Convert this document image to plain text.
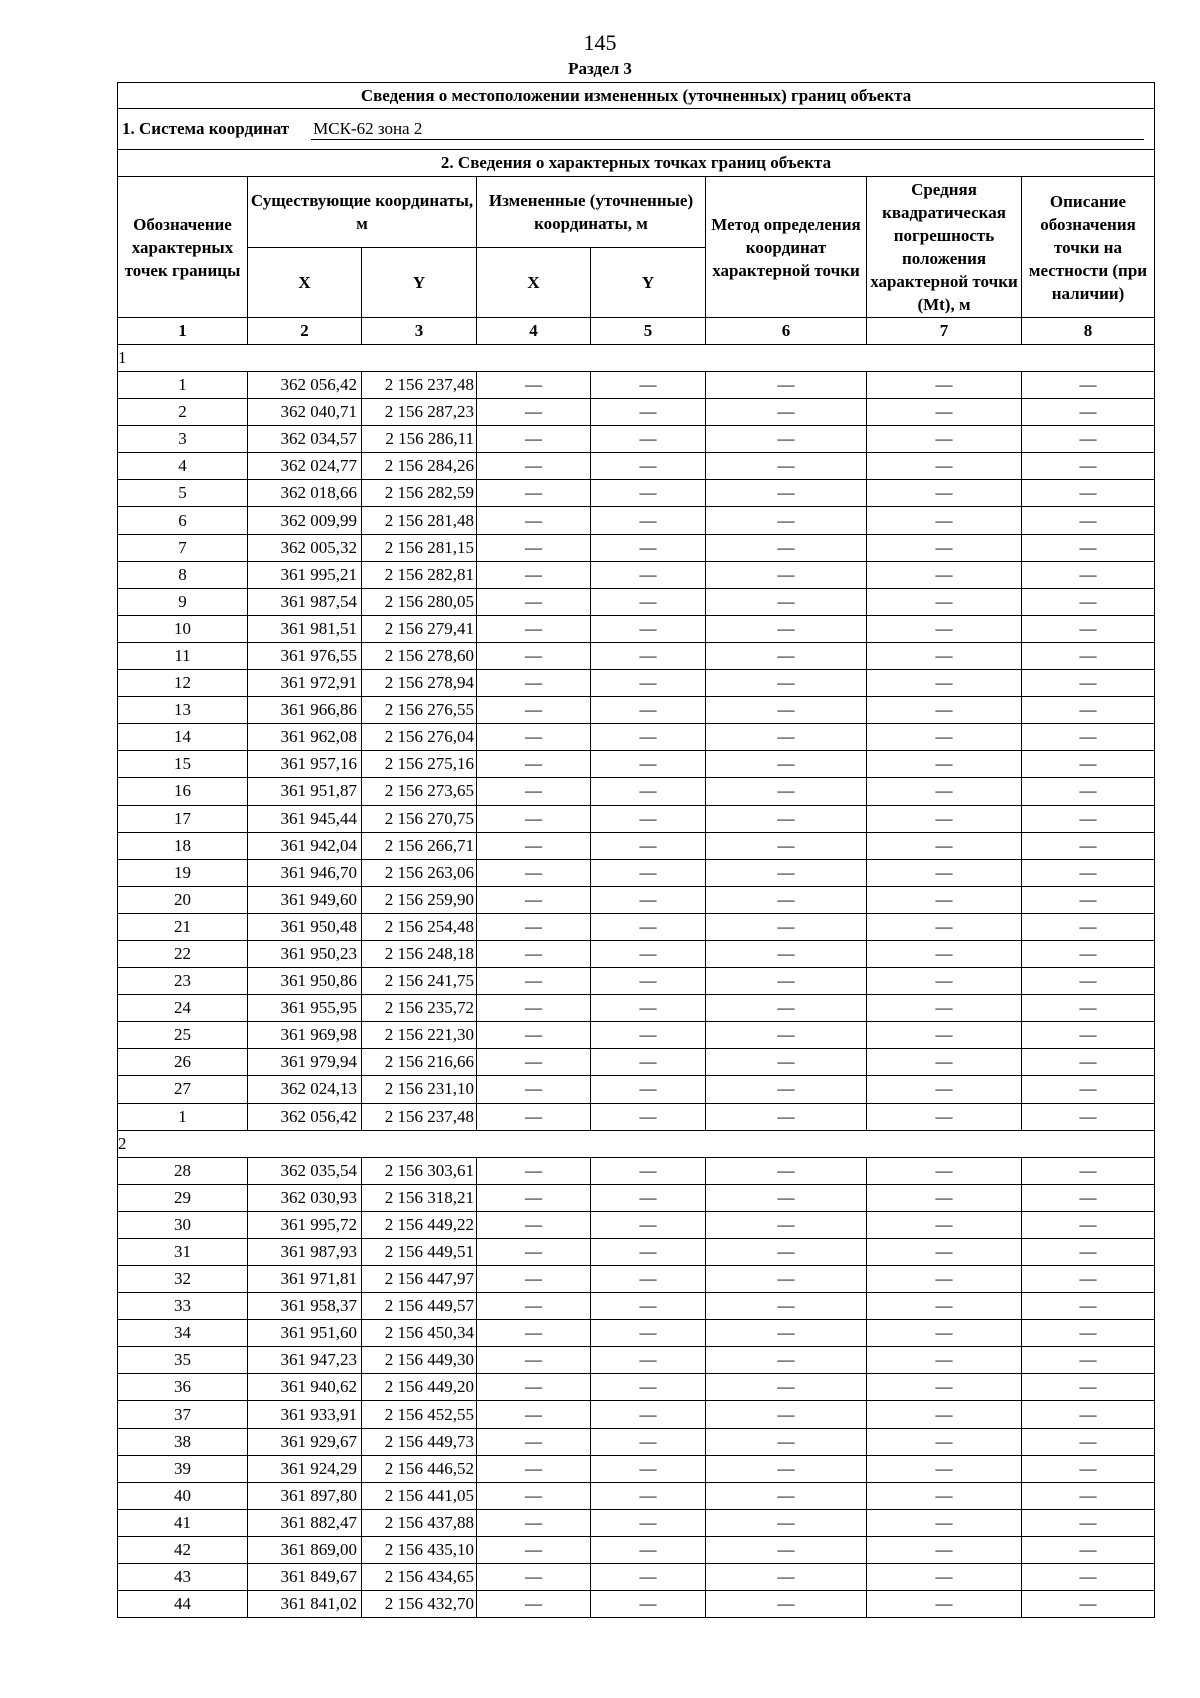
145
Раздел 3
Сведения о местоположении измененных (уточненных) границ объекта							

1. Система координат МСК-62 зона 2							

2. Сведения о характерных точках границ объекта							
Обозначение характерных точек границы	Существующие координаты, м		Измененные (уточненные) координаты, м		Метод определения координат характерной точки	Средняя квадратическая погрешность положения характерной точки (Mt), м	Описание обозначения точки на местности (при наличии)
	X	Y	X	Y			
1	2	3	4	5	6	7	8
1							
1	362 056,42	2 156 237,48	—	—	—	—	—
2	362 040,71	2 156 287,23	—	—	—	—	—
3	362 034,57	2 156 286,11	—	—	—	—	—
4	362 024,77	2 156 284,26	—	—	—	—	—
5	362 018,66	2 156 282,59	—	—	—	—	—
6	362 009,99	2 156 281,48	—	—	—	—	—
7	362 005,32	2 156 281,15	—	—	—	—	—
8	361 995,21	2 156 282,81	—	—	—	—	—
9	361 987,54	2 156 280,05	—	—	—	—	—
10	361 981,51	2 156 279,41	—	—	—	—	—
11	361 976,55	2 156 278,60	—	—	—	—	—
12	361 972,91	2 156 278,94	—	—	—	—	—
13	361 966,86	2 156 276,55	—	—	—	—	—
14	361 962,08	2 156 276,04	—	—	—	—	—
15	361 957,16	2 156 275,16	—	—	—	—	—
16	361 951,87	2 156 273,65	—	—	—	—	—
17	361 945,44	2 156 270,75	—	—	—	—	—
18	361 942,04	2 156 266,71	—	—	—	—	—
19	361 946,70	2 156 263,06	—	—	—	—	—
20	361 949,60	2 156 259,90	—	—	—	—	—
21	361 950,48	2 156 254,48	—	—	—	—	—
22	361 950,23	2 156 248,18	—	—	—	—	—
23	361 950,86	2 156 241,75	—	—	—	—	—
24	361 955,95	2 156 235,72	—	—	—	—	—
25	361 969,98	2 156 221,30	—	—	—	—	—
26	361 979,94	2 156 216,66	—	—	—	—	—
27	362 024,13	2 156 231,10	—	—	—	—	—
1	362 056,42	2 156 237,48	—	—	—	—	—
2							
28	362 035,54	2 156 303,61	—	—	—	—	—
29	362 030,93	2 156 318,21	—	—	—	—	—
30	361 995,72	2 156 449,22	—	—	—	—	—
31	361 987,93	2 156 449,51	—	—	—	—	—
32	361 971,81	2 156 447,97	—	—	—	—	—
33	361 958,37	2 156 449,57	—	—	—	—	—
34	361 951,60	2 156 450,34	—	—	—	—	—
35	361 947,23	2 156 449,30	—	—	—	—	—
36	361 940,62	2 156 449,20	—	—	—	—	—
37	361 933,91	2 156 452,55	—	—	—	—	—
38	361 929,67	2 156 449,73	—	—	—	—	—
39	361 924,29	2 156 446,52	—	—	—	—	—
40	361 897,80	2 156 441,05	—	—	—	—	—
41	361 882,47	2 156 437,88	—	—	—	—	—
42	361 869,00	2 156 435,10	—	—	—	—	—
43	361 849,67	2 156 434,65	—	—	—	—	—
44	361 841,02	2 156 432,70	—	—	—	—	—
